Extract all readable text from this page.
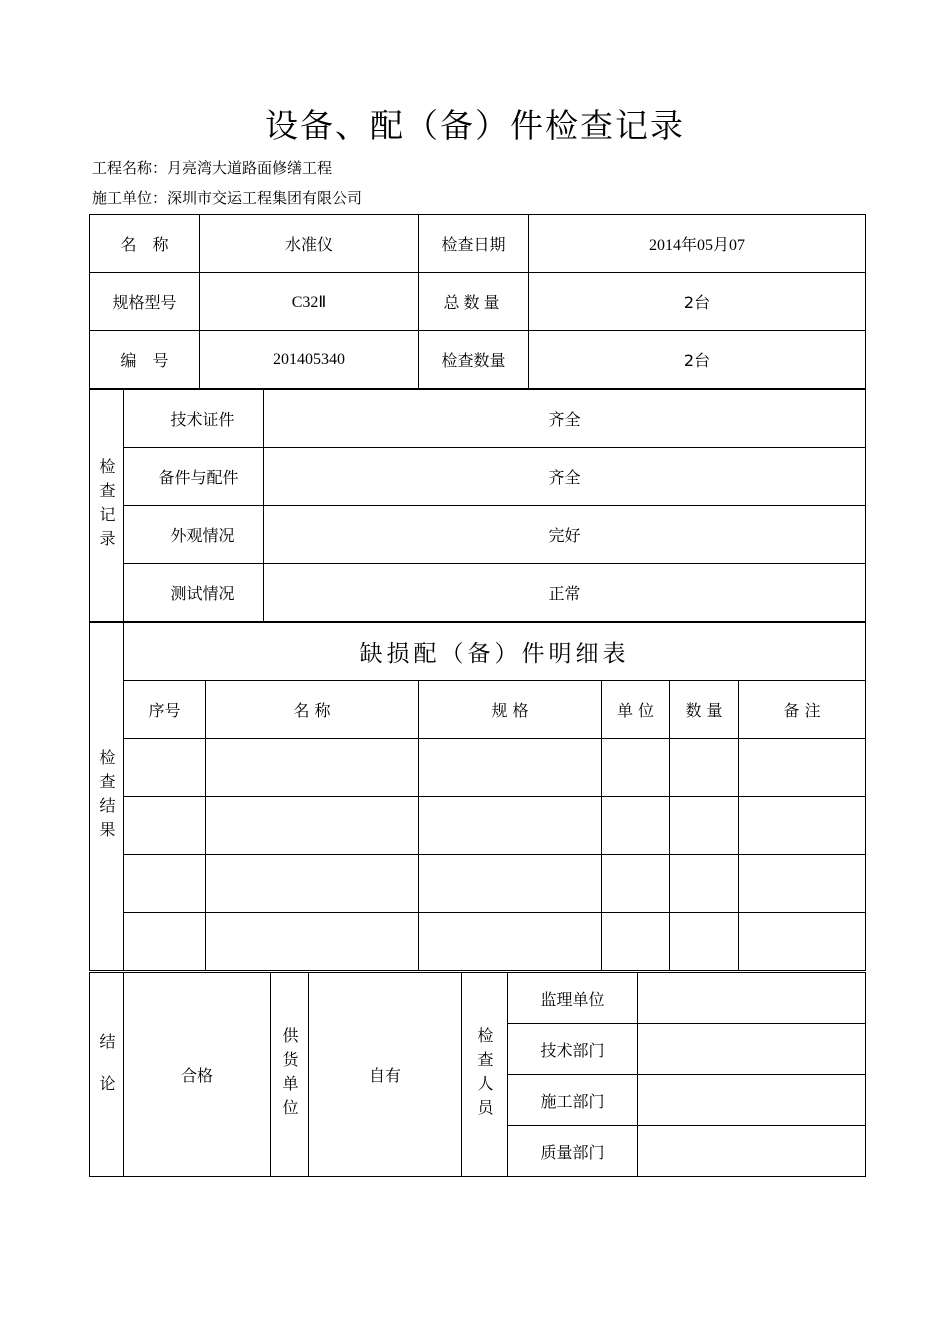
设备、配（备）件检查记录
工程名称：月亮湾大道路面修缮工程
施工单位：深圳市交运工程集团有限公司
名　称	水准仪	检查日期	2014年05月07
规格型号	C32Ⅱ	总数量	2台
编　号	201405340	检查数量	2台
检查记录	技术证件	齐全
	备件与配件	齐全
	外观情况	完好
	测试情况	正常
检查结果	缺损配（备）件明细表					
	序号	名 称	规 格	单 位	数 量	备 注

结论	合格	供货单位	自有	检查人员	监理单位	
					技术部门	
					施工部门	
					质量部门	
